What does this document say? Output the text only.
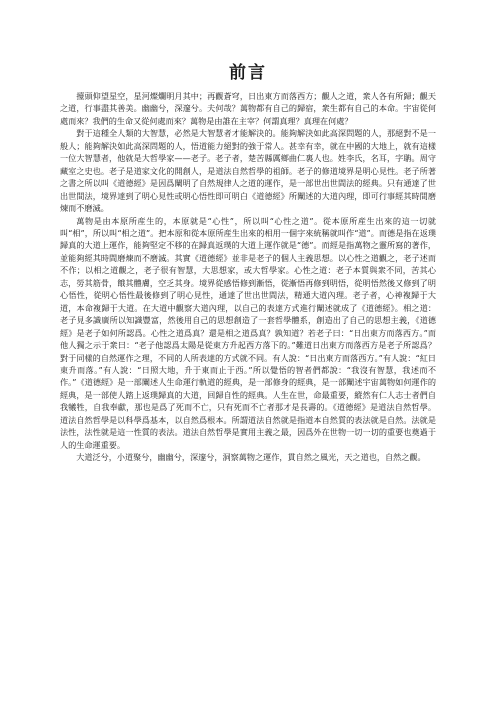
前言

擡頭仰望星空，星河燦爛明月其中；再觀蒼穹，日出東方而落西方；觀人之道，衆人各有所歸；觀天之道，行事盡其善美。幽幽兮，深邃兮。夫何哉？萬物都有自己的歸宿，衆生都有自己的本命。宇宙從何處而來？我們的生命又從何處而來？萬物是由誰在主宰？何謂真理？真理在何處？

對于這種全人類的大智慧，必然是大智慧者才能解決的。能夠解決如此高深問題的人，那絕對不是一般人；能夠解決如此高深問題的人，悟道能力絕對的強于常人。甚幸有幸，就在中國的大地上，就有這樣一位大智慧者，他就是大哲學家——老子。老子者，楚苦縣厲鄉曲仁裏人也。姓李氏，名耳，字聃。周守藏室之史也。老子是道家文化的開創人，是道法自然哲學的祖師。老子的修道境界是明心見性。老子所著之書之所以叫《道德經》是因爲闡明了自然規律人之道的運作，是一部世出世間法的經典。只有通達了世出世間法，境界達到了明心見性或明心悟性即可明白《道德經》所闡述的大道內理，即可行事經其時間磨煉而不磨滅。

萬物是由本原所産生的，本原就是“心性”，所以叫“心性之道”。從本原所産生出來的這一切就叫“相”，所以叫“相之道”。把本原和從本原所産生出來的相用一個字來統稱就叫作“道”。而德是指在返璞歸真的大道上運作，能夠堅定不移的在歸真返璞的大道上運作就是“德”。而經是指萬物之靈所寫的著作，並能夠經其時間磨煉而不磨滅。其實《道德經》並非是老子的個人主義思想。以心性之道觀之，老子述而不作；以相之道觀之，老子很有智慧，大思想家，或大哲學家。心性之道：老子本質與衆不同，苦其心志，勞其筋骨，餓其體膚，空乏其身。境界從感悟修到漸悟，從漸悟再修到明悟，從明悟然後又修到了明心悟性，從明心悟性最後修到了明心見性，通達了世出世間法，精通大道內理。老子者，心神複歸于大道，本命複歸于大道。在大道中觀察大道內理，以自己的表達方式進行闡述就成了《道德經》。相之道：老子見多識廣所以知識豐富，然後用自己的思想創造了一套哲學體系，創造出了自己的思想主義，《道德經》是老子如何所認爲。心性之道爲真？還是相之道爲真？孰知道？若老子曰：“日出東方而落西方。”而他人獨之示于衆曰：“老子他認爲太陽是從東方升起西方落下的。”難道日出東方而落西方是老子所認爲？對于同樣的自然運作之理，不同的人所表達的方式就不同。有人說：“日出東方而落西方。”有人說：“紅日東升而落。”有人說：“日照大地，升于東而止于西。”所以覺悟的智者們都說：“我沒有智慧，我述而不作。”《道德經》是一部闡述人生命運行軌道的經典，是一部修身的經典，是一部闡述宇宙萬物如何運作的經典，是一部使人踏上返璞歸真的大道，回歸自性的經典。人生在世，命最重要，縱然有仁人志士者們自我犧牲，自我奉獻，那也是爲了死而不亡，只有死而不亡者那才是長壽的。《道德經》是道法自然哲學。道法自然哲學是以科學爲基本，以自然爲根本。所謂道法自然就是指道本自然質的表法就是自然。法就是法性，法性就是這一性質的表法。道法自然哲學是實用主義之最，因爲外在世物一切一切的重要也奠過于人的生命運重要。

大道泛兮，小道聚兮，幽幽兮，深邃兮，洞察萬物之運作，貫自然之風光，天之道也，自然之觀。
